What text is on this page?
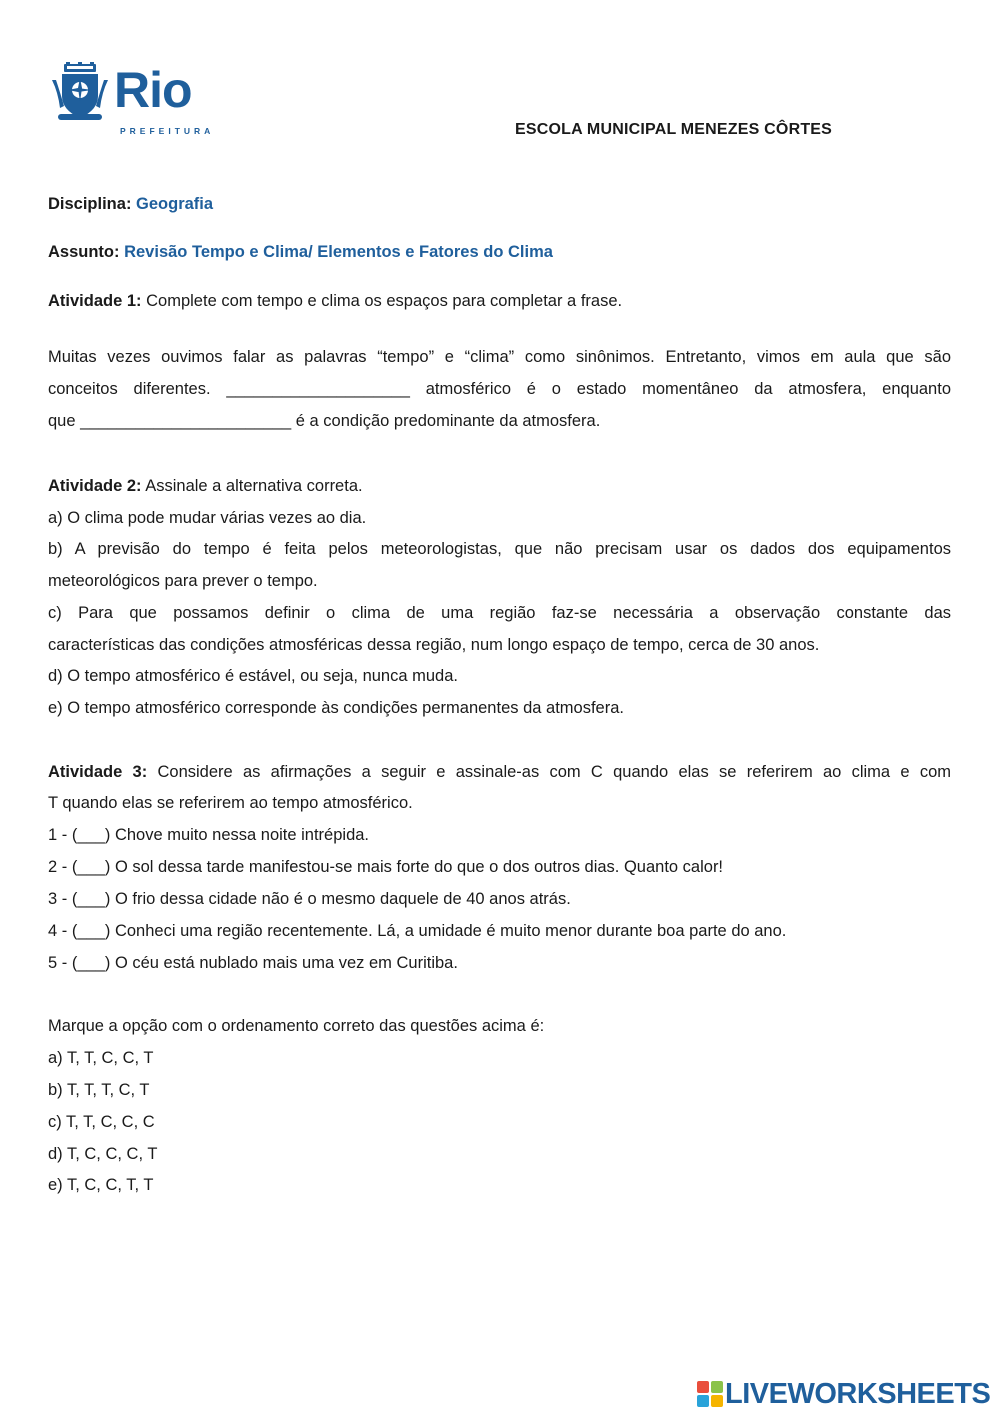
Rio
PREFEITURA	ESCOLA MUNICIPAL MENEZES CÔRTES
Disciplina: Geografia
Assunto: Revisão Tempo e Clima/ Elementos e Fatores do Clima
Atividade 1: Complete com tempo e clima os espaços para completar a frase.
Muitas vezes ouvimos falar as palavras “tempo” e “clima” como sinônimos. Entretanto, vimos em aula que são
conceitos diferentes. ____________________ atmosférico é o estado momentâneo da atmosfera, enquanto
que _______________________ é a condição predominante da atmosfera.
Atividade 2: Assinale a alternativa correta.
a) O clima pode mudar várias vezes ao dia.
b) A previsão do tempo é feita pelos meteorologistas, que não precisam usar os dados dos equipamentos
meteorológicos para prever o tempo.
c) Para que possamos definir o clima de uma região faz-se necessária a observação constante das
características das condições atmosféricas dessa região, num longo espaço de tempo, cerca de 30 anos.
d) O tempo atmosférico é estável, ou seja, nunca muda.
e) O tempo atmosférico corresponde às condições permanentes da atmosfera.
Atividade 3: Considere as afirmações a seguir e assinale-as com C quando elas se referirem ao clima e com
T quando elas se referirem ao tempo atmosférico.
1 - (___) Chove muito nessa noite intrépida.
2 - (___) O sol dessa tarde manifestou-se mais forte do que o dos outros dias. Quanto calor!
3 - (___) O frio dessa cidade não é o mesmo daquele de 40 anos atrás.
4 - (___) Conheci uma região recentemente. Lá, a umidade é muito menor durante boa parte do ano.
5 - (___) O céu está nublado mais uma vez em Curitiba.
Marque a opção com o ordenamento correto das questões acima é:
a) T, T, C, C, T
b) T, T, T, C, T
c) T, T, C, C, C
d) T, C, C, C, T
e) T, C, C, T, T
LIVEWORKSHEETS
